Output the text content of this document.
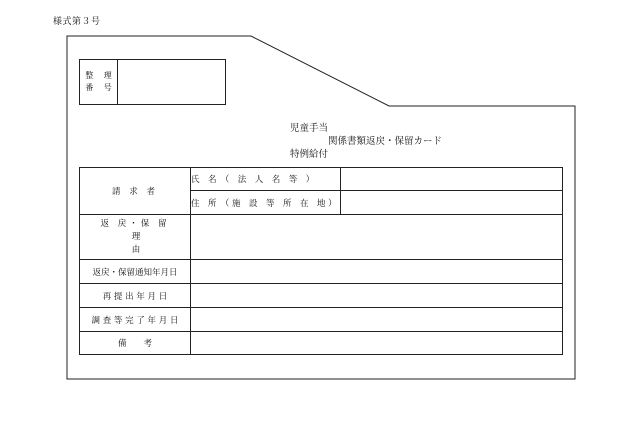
様式第３号
整 理
番 号
児童手当
関係書類返戻・保留カード
特例給付
請 求 者	氏　名　（　法　人　名　等　）	
	住　所　（ 施　設　等　所　在　地 ）	

返 戻・保 留
理 由		

返戻・保留通知年月日		
再 提 出 年 月 日		
調 査 等 完 了 年 月 日		
備　　考		
